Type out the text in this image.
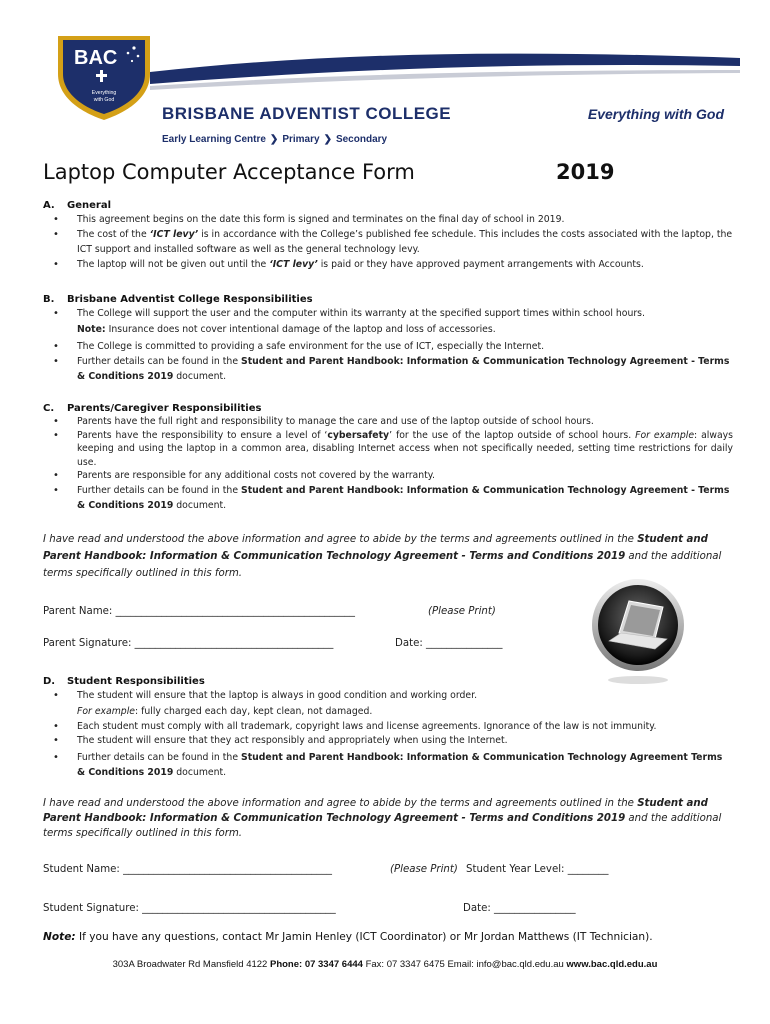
BAC
Everything
with God
BRISBANE ADVENTIST COLLEGE	Everything with God
Early Learning Centre ❯ Primary ❯ Secondary
Laptop Computer Acceptance Form	2019
A. General
• This agreement begins on the date this form is signed and terminates on the final day of school in 2019.
• The cost of the ‘ICT levy’ is in accordance with the College’s published fee schedule. This includes the costs associated with the laptop, the ICT support and installed software as well as the general technology levy.
• The laptop will not be given out until the ‘ICT levy’ is paid or they have approved payment arrangements with Accounts.
B. Brisbane Adventist College Responsibilities
• The College will support the user and the computer within its warranty at the specified support times within school hours.
Note: Insurance does not cover intentional damage of the laptop and loss of accessories.
• The College is committed to providing a safe environment for the use of ICT, especially the Internet.
• Further details can be found in the Student and Parent Handbook: Information & Communication Technology Agreement - Terms & Conditions 2019 document.
C. Parents/Caregiver Responsibilities
• Parents have the full right and responsibility to manage the care and use of the laptop outside of school hours.
• Parents have the responsibility to ensure a level of ‘cybersafety’ for the use of the laptop outside of school hours. For example: always keeping and using the laptop in a common area, disabling Internet access when not specifically needed, setting time restrictions for daily use.
• Parents are responsible for any additional costs not covered by the warranty.
• Further details can be found in the Student and Parent Handbook: Information & Communication Technology Agreement - Terms & Conditions 2019 document.
I have read and understood the above information and agree to abide by the terms and agreements outlined in the Student and Parent Handbook: Information & Communication Technology Agreement - Terms and Conditions 2019 and the additional terms specifically outlined in this form.
Parent Name: _______________________________________________	(Please Print)
Parent Signature: _______________________________________	Date: _______________
D. Student Responsibilities
• The student will ensure that the laptop is always in good condition and working order.
For example: fully charged each day, kept clean, not damaged.
• Each student must comply with all trademark, copyright laws and license agreements. Ignorance of the law is not immunity.
• The student will ensure that they act responsibly and appropriately when using the Internet.
• Further details can be found in the Student and Parent Handbook: Information & Communication Technology Agreement Terms & Conditions 2019 document.
I have read and understood the above information and agree to abide by the terms and agreements outlined in the Student and Parent Handbook: Information & Communication Technology Agreement - Terms and Conditions 2019 and the additional terms specifically outlined in this form.
Student Name: _________________________________________	(Please Print) Student Year Level: ________
Student Signature: ______________________________________	Date: ________________
Note: If you have any questions, contact Mr Jamin Henley (ICT Coordinator) or Mr Jordan Matthews (IT Technician).
303A Broadwater Rd Mansfield 4122 Phone: 07 3347 6444 Fax: 07 3347 6475 Email: info@bac.qld.edu.au www.bac.qld.edu.au
